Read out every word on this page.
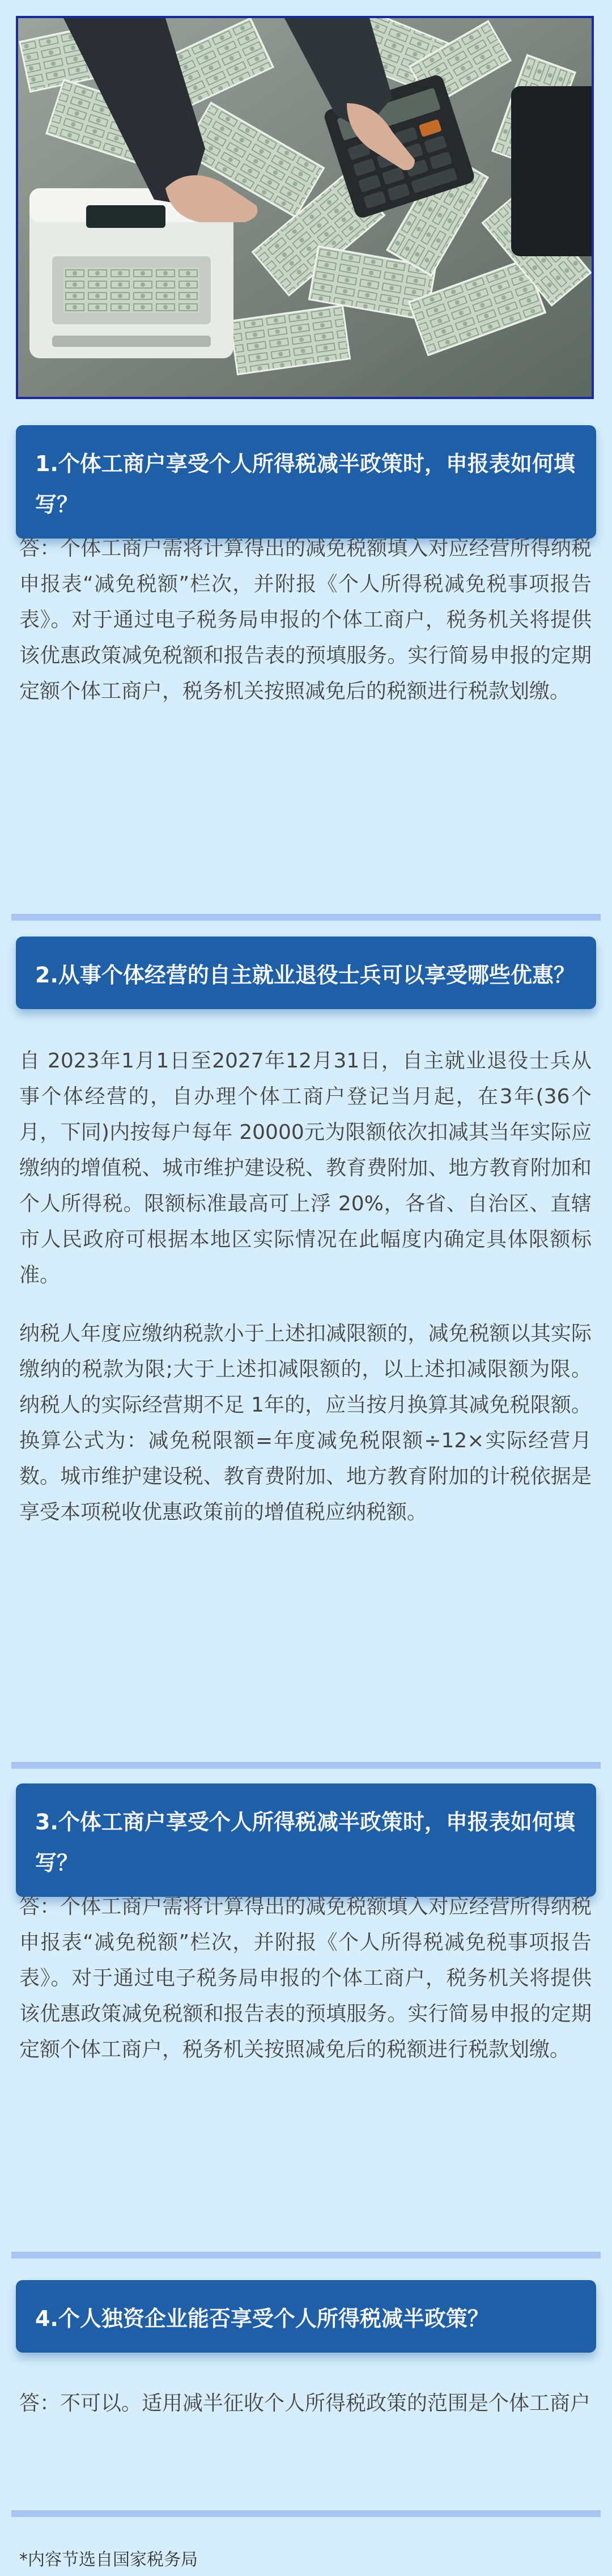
1.个体工商户享受个人所得税减半政策时，申报表如何填写？

答：个体工商户需将计算得出的减免税额填入对应经营所得纳税申报表“减免税额”栏次，并附报《个人所得税减免税事项报告表》。对于通过电子税务局申报的个体工商户，税务机关将提供该优惠政策减免税额和报告表的预填服务。实行简易申报的定期定额个体工商户，税务机关按照减免后的税额进行税款划缴。

2.从事个体经营的自主就业退役士兵可以享受哪些优惠？

自 2023年1月1日至2027年12月31日，自主就业退役士兵从事个体经营的，自办理个体工商户登记当月起，在3年(36个月，下同)内按每户每年 20000元为限额依次扣减其当年实际应缴纳的增值税、城市维护建设税、教育费附加、地方教育附加和个人所得税。限额标准最高可上浮 20%，各省、自治区、直辖市人民政府可根据本地区实际情况在此幅度内确定具体限额标准。

纳税人年度应缴纳税款小于上述扣减限额的，减免税额以其实际缴纳的税款为限;大于上述扣减限额的，以上述扣减限额为限。纳税人的实际经营期不足 1年的，应当按月换算其减免税限额。换算公式为：减免税限额=年度减免税限额÷12×实际经营月数。城市维护建设税、教育费附加、地方教育附加的计税依据是享受本项税收优惠政策前的增值税应纳税额。

3.个体工商户享受个人所得税减半政策时，申报表如何填写？

答：个体工商户需将计算得出的减免税额填入对应经营所得纳税申报表“减免税额”栏次，并附报《个人所得税减免税事项报告表》。对于通过电子税务局申报的个体工商户，税务机关将提供该优惠政策减免税额和报告表的预填服务。实行简易申报的定期定额个体工商户，税务机关按照减免后的税额进行税款划缴。

4.个人独资企业能否享受个人所得税减半政策？

答：不可以。适用减半征收个人所得税政策的范围是个体工商户

*内容节选自国家税务局
